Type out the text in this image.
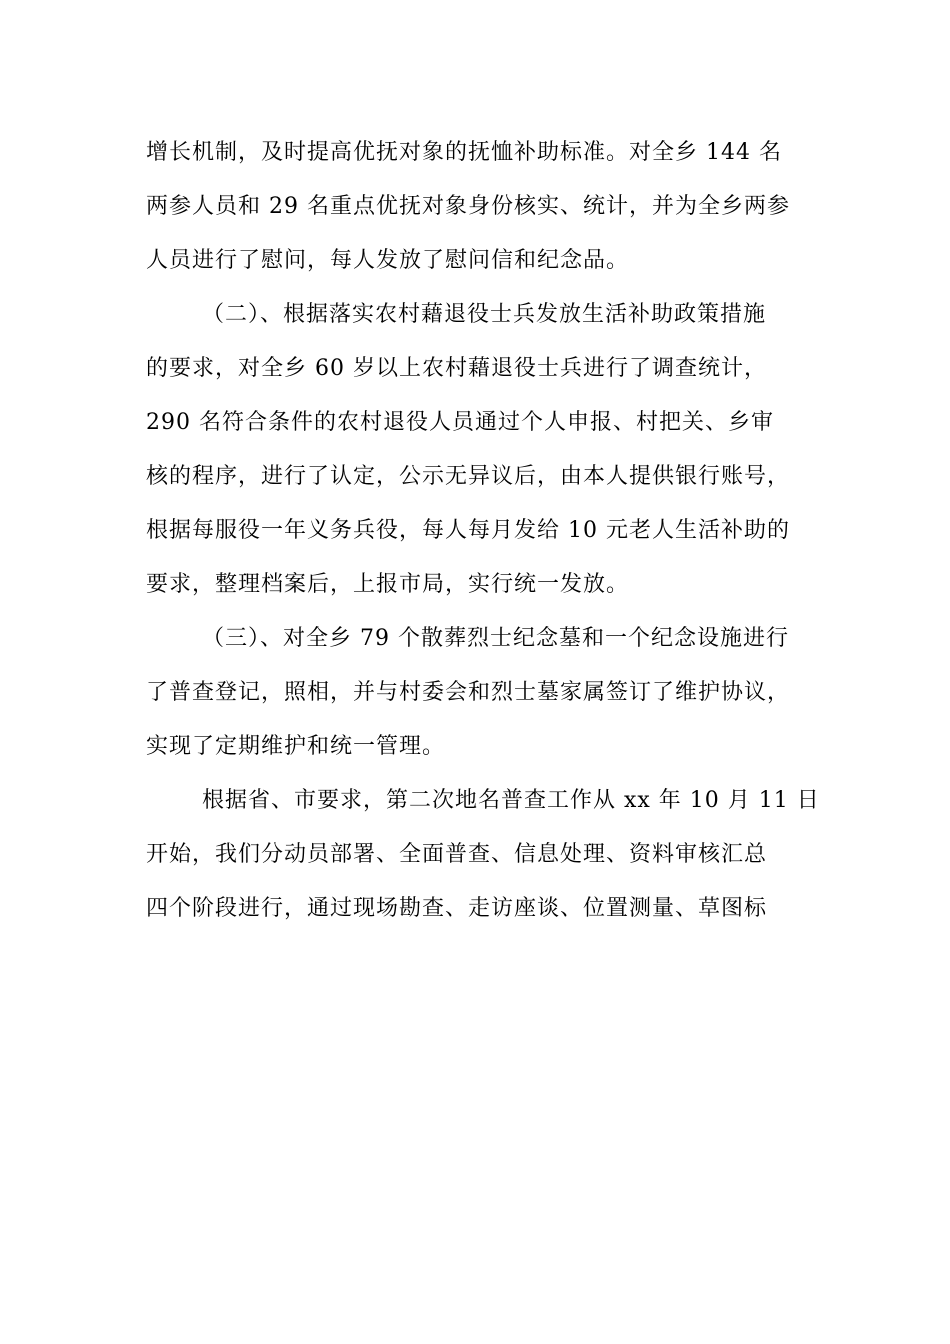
增长机制，及时提高优抚对象的抚恤补助标准。对全乡 144 名
两参人员和 29 名重点优抚对象身份核实、统计，并为全乡两参
人员进行了慰问，每人发放了慰问信和纪念品。
（二）、根据落实农村藉退役士兵发放生活补助政策措施
的要求，对全乡 60 岁以上农村藉退役士兵进行了调查统计，
290 名符合条件的农村退役人员通过个人申报、村把关、乡审
核的程序，进行了认定，公示无异议后，由本人提供银行账号，
根据每服役一年义务兵役，每人每月发给 10 元老人生活补助的
要求，整理档案后，上报市局，实行统一发放。
（三）、对全乡 79 个散葬烈士纪念墓和一个纪念设施进行
了普查登记，照相，并与村委会和烈士墓家属签订了维护协议，
实现了定期维护和统一管理。
根据省、市要求，第二次地名普查工作从 xx 年 10 月 11 日
开始，我们分动员部署、全面普查、信息处理、资料审核汇总
四个阶段进行，通过现场勘查、走访座谈、位置测量、草图标
